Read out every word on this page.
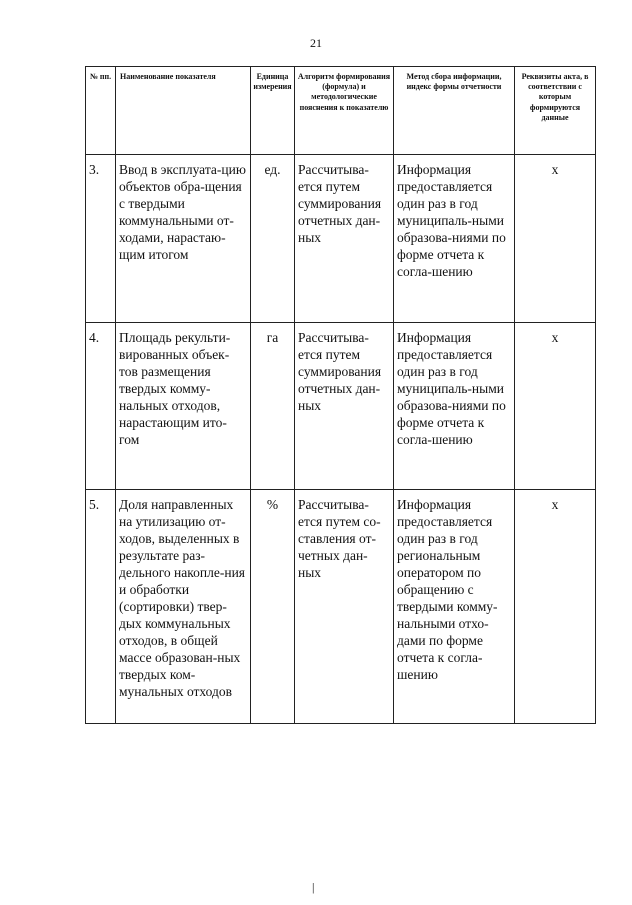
21
№ пп.	Наименование показателя	Единица измерения	Алгоритм формирования (формула) и методологические пояснения к показателю	Метод сбора информации, индекс формы отчетности	Реквизиты акта, в соответствии с которым формируются данные
3.	Ввод в эксплуата-цию объектов обра-щения с твердыми коммунальными от-ходами, нарастаю-щим итогом	ед.	Рассчитыва-ется путем суммирования отчетных дан-ных	Информация предоставляется один раз в год муниципаль-ными образова-ниями по форме отчета к согла-шению	x
4.	Площадь рекульти-вированных объек-тов размещения твердых комму-нальных отходов, нарастающим ито-гом	га	Рассчитыва-ется путем суммирования отчетных дан-ных	Информация предоставляется один раз в год муниципаль-ными образова-ниями по форме отчета к согла-шению	x
5.	Доля направленных на утилизацию от-ходов, выделенных в результате раз-дельного накопле-ния и обработки (сортировки) твер-дых коммунальных отходов, в общей массе образован-ных твердых ком-мунальных отходов	%	Рассчитыва-ется путем со-ставления от-четных дан-ных	Информация предоставляется один раз в год региональным оператором по обращению с твердыми комму-нальными отхо-дами по форме отчета к согла-шению	x
|
